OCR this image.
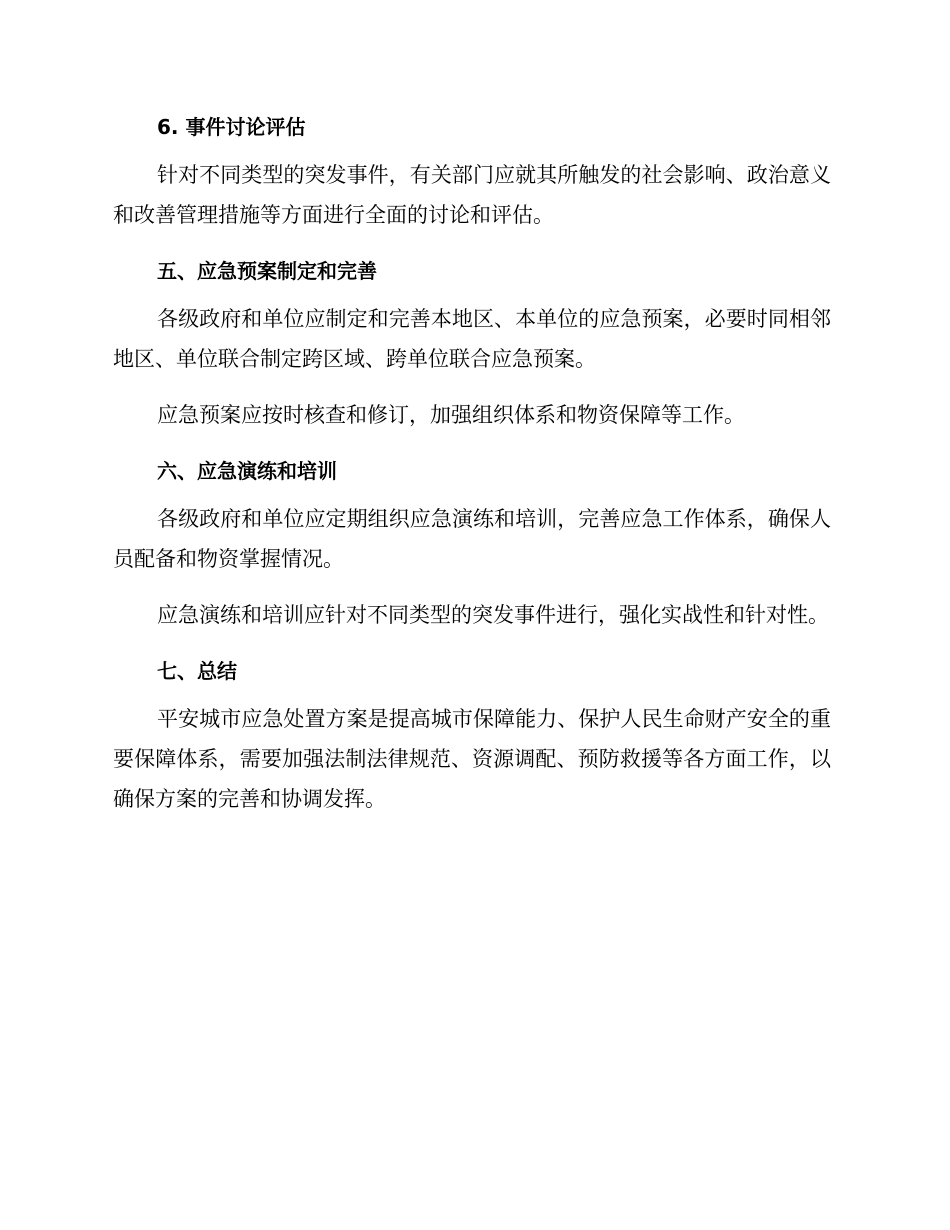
6. 事件讨论评估
针对不同类型的突发事件，有关部门应就其所触发的社会影响、政治意义和改善管理措施等方面进行全面的讨论和评估。
五、应急预案制定和完善
各级政府和单位应制定和完善本地区、本单位的应急预案，必要时同相邻地区、单位联合制定跨区域、跨单位联合应急预案。
应急预案应按时核查和修订，加强组织体系和物资保障等工作。
六、应急演练和培训
各级政府和单位应定期组织应急演练和培训，完善应急工作体系，确保人员配备和物资掌握情况。
应急演练和培训应针对不同类型的突发事件进行，强化实战性和针对性。
七、总结
平安城市应急处置方案是提高城市保障能力、保护人民生命财产安全的重要保障体系，需要加强法制法律规范、资源调配、预防救援等各方面工作，以确保方案的完善和协调发挥。
